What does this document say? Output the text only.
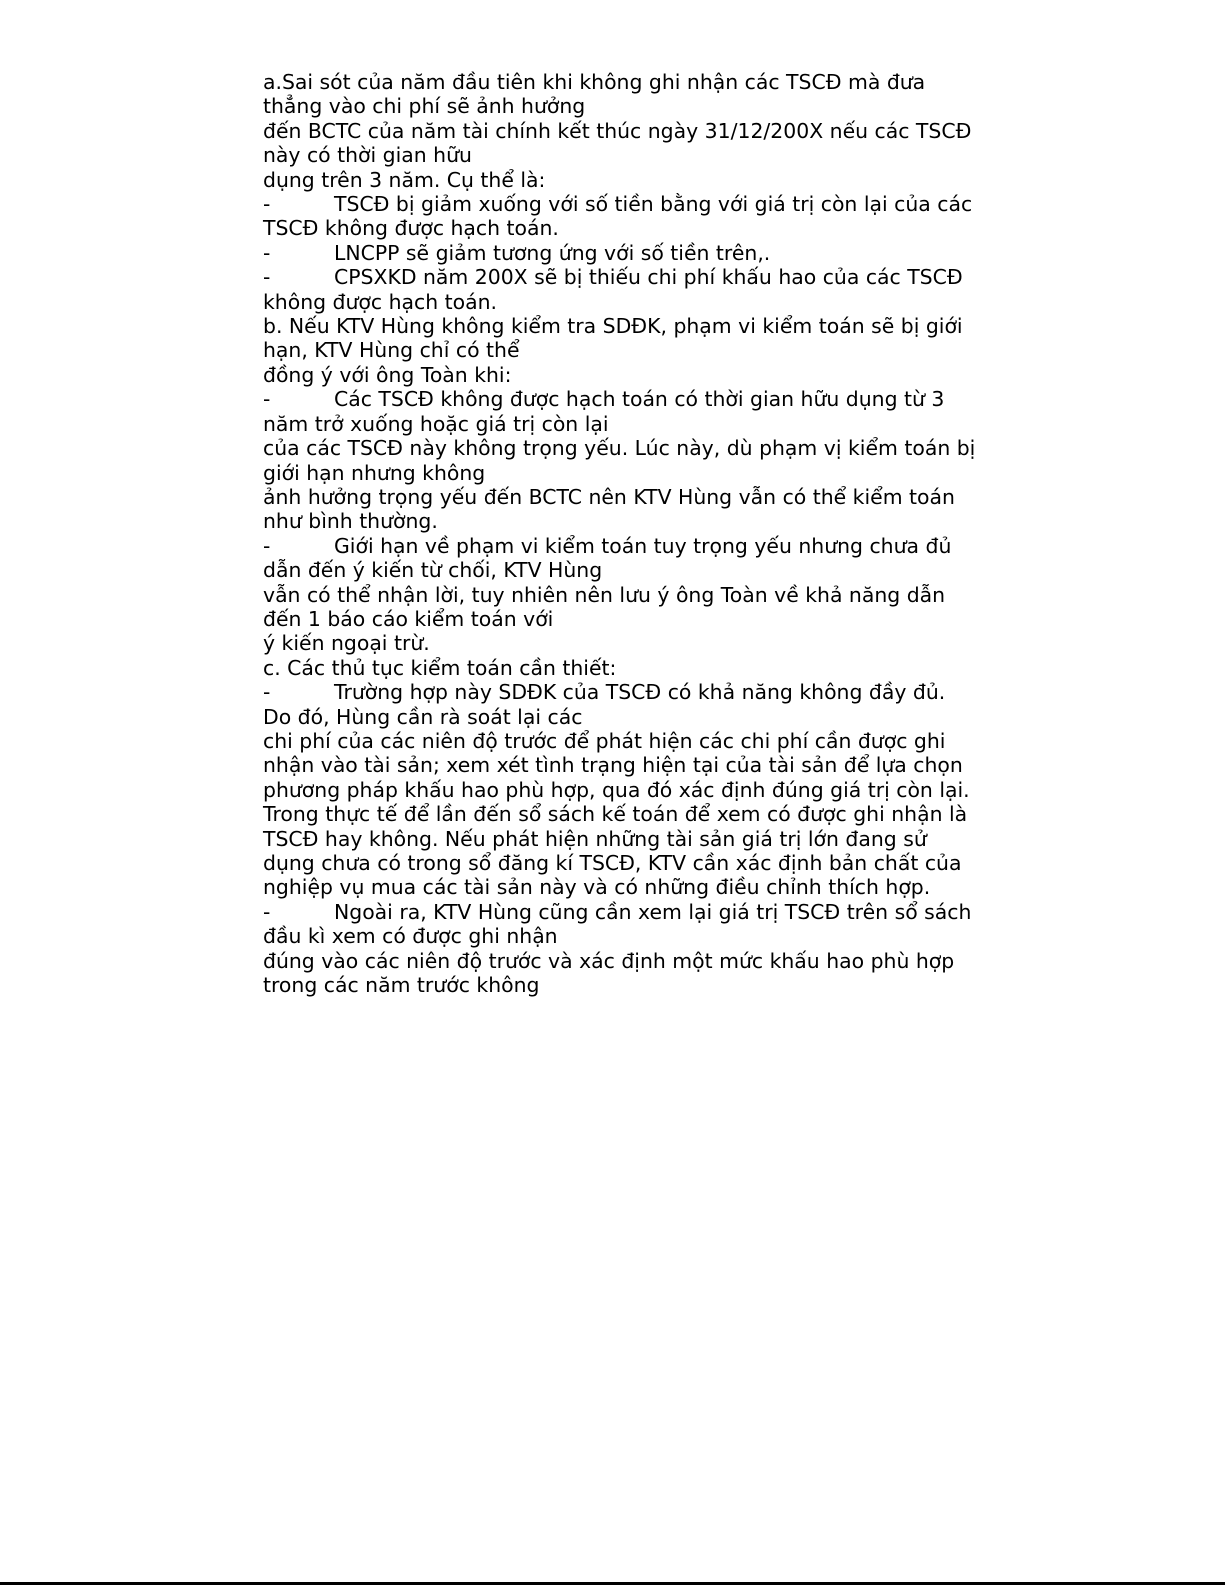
a.Sai sót của năm đầu tiên khi không ghi nhận các TSCĐ mà đưa
thẳng vào chi phí sẽ ảnh hưởng
đến BCTC của năm tài chính kết thúc ngày 31/12/200X nếu các TSCĐ
này có thời gian hữu
dụng trên 3 năm. Cụ thể là:
-	TSCĐ bị giảm xuống với số tiền bằng với giá trị còn lại của các
TSCĐ không được hạch toán.
-	LNCPP sẽ giảm tương ứng với số tiền trên,.
-	CPSXKD năm 200X sẽ bị thiếu chi phí khấu hao của các TSCĐ
không được hạch toán.
b. Nếu KTV Hùng không kiểm tra SDĐK, phạm vi kiểm toán sẽ bị giới
hạn, KTV Hùng chỉ có thể
đồng ý với ông Toàn khi:
-	Các TSCĐ không được hạch toán có thời gian hữu dụng từ 3
năm trở xuống hoặc giá trị còn lại
của các TSCĐ này không trọng yếu. Lúc này, dù phạm vị kiểm toán bị
giới hạn nhưng không
ảnh hưởng trọng yếu đến BCTC nên KTV Hùng vẫn có thể kiểm toán
như bình thường.
-	Giới hạn về phạm vi kiểm toán tuy trọng yếu nhưng chưa đủ
dẫn đến ý kiến từ chối, KTV Hùng
vẫn có thể nhận lời, tuy nhiên nên lưu ý ông Toàn về khả năng dẫn
đến 1 báo cáo kiểm toán với
ý kiến ngoại trừ.
c. Các thủ tục kiểm toán cần thiết:
-	Trường hợp này SDĐK của TSCĐ có khả năng không đầy đủ.
Do đó, Hùng cần rà soát lại các
chi phí của các niên độ trước để phát hiện các chi phí cần được ghi
nhận vào tài sản; xem xét tình trạng hiện tại của tài sản để lựa chọn
phương pháp khấu hao phù hợp, qua đó xác định đúng giá trị còn lại.
Trong thực tế để lần đến sổ sách kế toán để xem có được ghi nhận là
TSCĐ hay không. Nếu phát hiện những tài sản giá trị lớn đang sử
dụng chưa có trong sổ đăng kí TSCĐ, KTV cần xác định bản chất của
nghiệp vụ mua các tài sản này và có những điều chỉnh thích hợp.
-	Ngoài ra, KTV Hùng cũng cần xem lại giá trị TSCĐ trên sổ sách
đầu kì xem có được ghi nhận
đúng vào các niên độ trước và xác định một mức khấu hao phù hợp
trong các năm trước không
